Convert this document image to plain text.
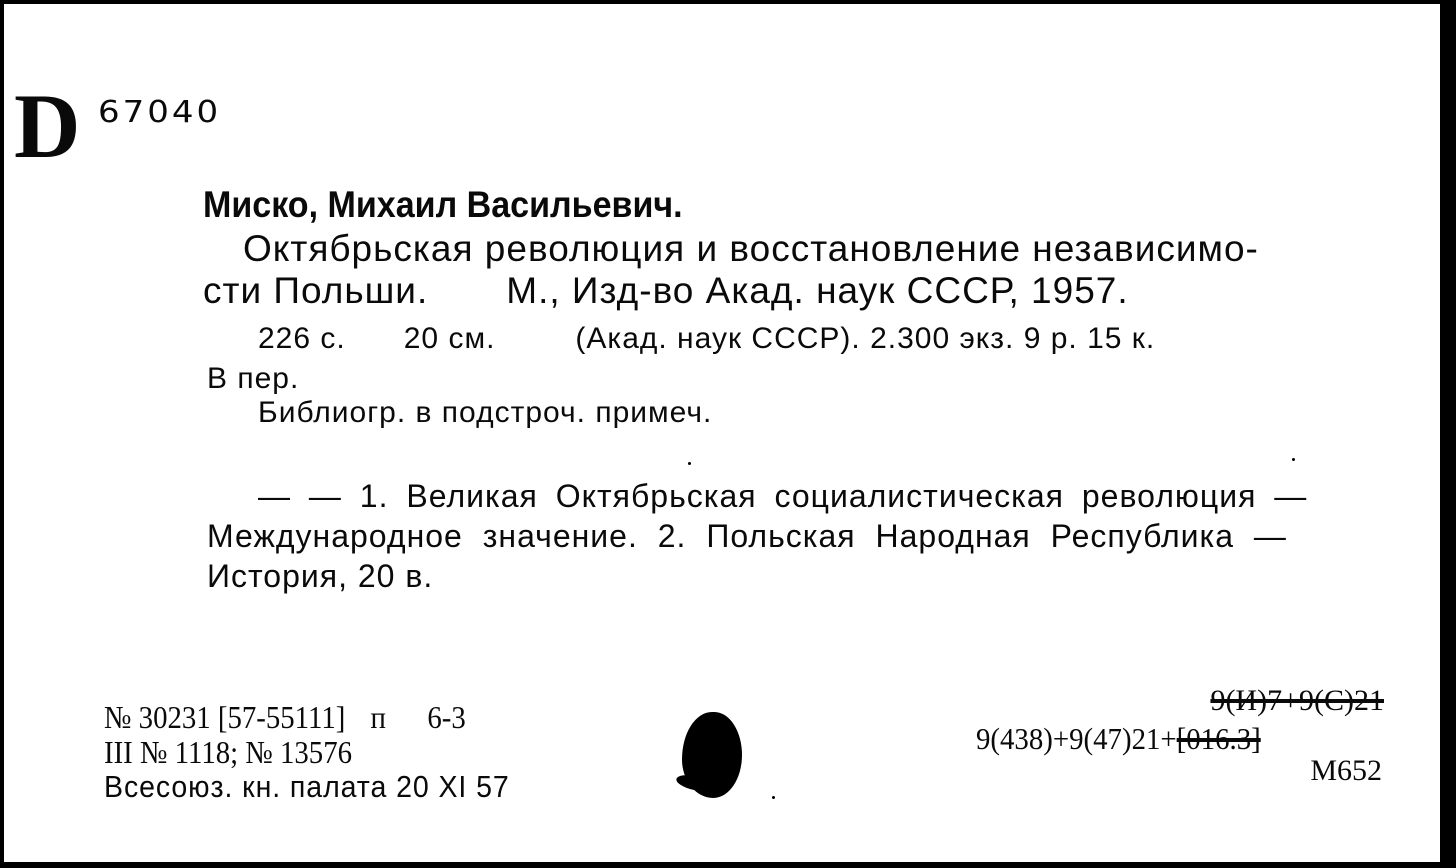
D 67040
Миско, Михаил Васильевич.
Октябрьская революция и восстановление независимо-
сти Польши. М., Изд-во Акад. наук СССР, 1957.
226 с. 20 см.	(Акад. наук СССР). 2.300 экз. 9 р. 15 к.
В пер.
Библиогр. в подстроч. примеч.
— — 1. Великая Октябрьская социалистическая революция —
Международное значение. 2. Польская Народная Республика —
История, 20 в.
№ 30231 [57-55111] п 6-3
III № 1118; № 13576
Всесоюз. кн. палата 20 XI 57
9(И)7+9(С)21
9(438)+9(47)21+[016.3]
М652
